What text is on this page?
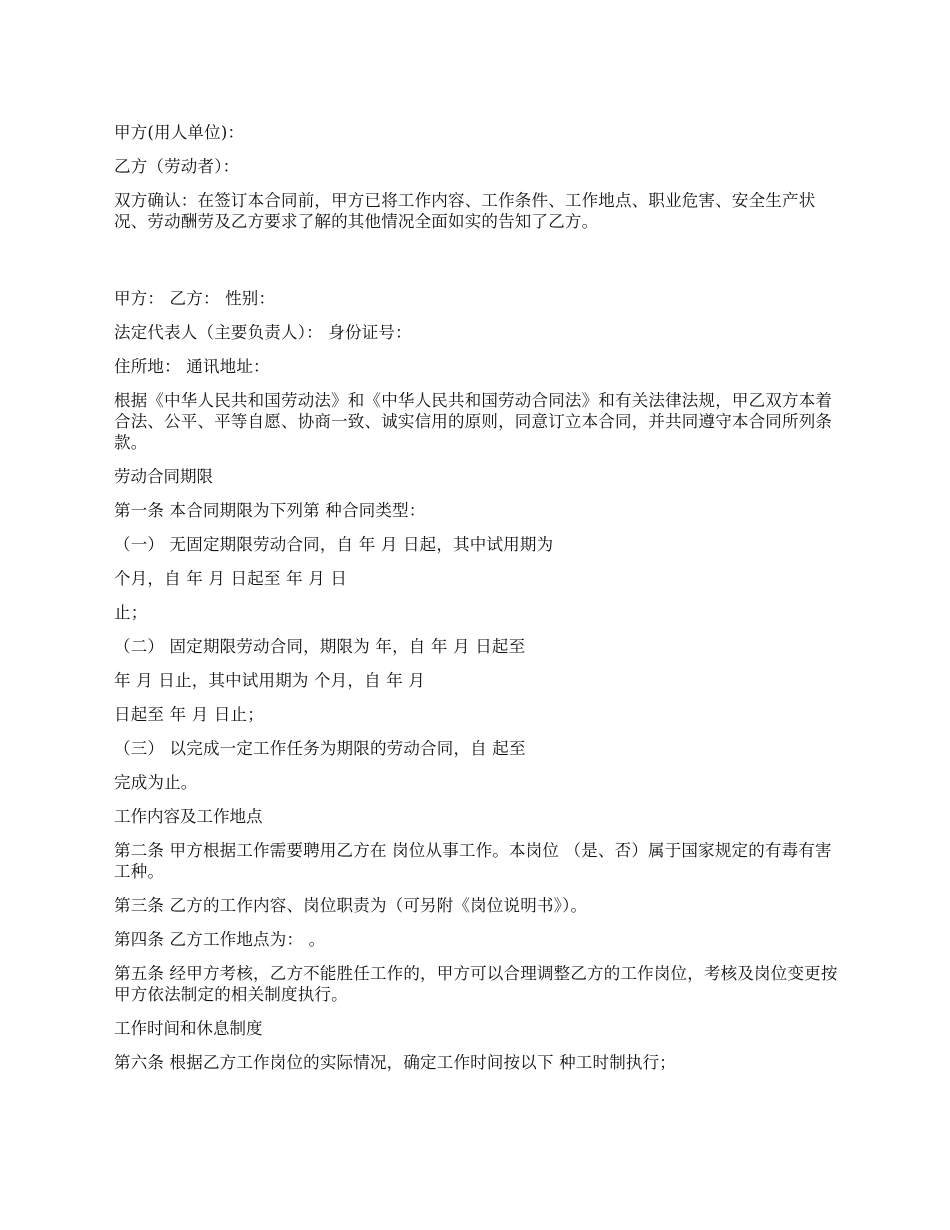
甲方(用人单位)：

乙方（劳动者）：

双方确认：在签订本合同前，甲方已将工作内容、工作条件、工作地点、职业危害、安全生产状况、劳动酬劳及乙方要求了解的其他情况全面如实的告知了乙方。

甲方： 乙方： 性别：

法定代表人（主要负责人）： 身份证号：

住所地： 通讯地址：

根据《中华人民共和国劳动法》和《中华人民共和国劳动合同法》和有关法律法规，甲乙双方本着合法、公平、平等自愿、协商一致、诚实信用的原则，同意订立本合同，并共同遵守本合同所列条款。

劳动合同期限

第一条 本合同期限为下列第 种合同类型：

（一） 无固定期限劳动合同，自 年 月 日起，其中试用期为

个月，自 年 月 日起至 年 月 日

止；

（二） 固定期限劳动合同，期限为 年，自 年 月 日起至

年 月 日止，其中试用期为 个月，自 年 月

日起至 年 月 日止；

（三） 以完成一定工作任务为期限的劳动合同，自 起至

完成为止。

工作内容及工作地点

第二条 甲方根据工作需要聘用乙方在 岗位从事工作。本岗位 （是、否）属于国家规定的有毒有害工种。

第三条 乙方的工作内容、岗位职责为（可另附《岗位说明书》）。

第四条 乙方工作地点为： 。

第五条 经甲方考核，乙方不能胜任工作的，甲方可以合理调整乙方的工作岗位，考核及岗位变更按甲方依法制定的相关制度执行。

工作时间和休息制度

第六条 根据乙方工作岗位的实际情况，确定工作时间按以下 种工时制执行；
